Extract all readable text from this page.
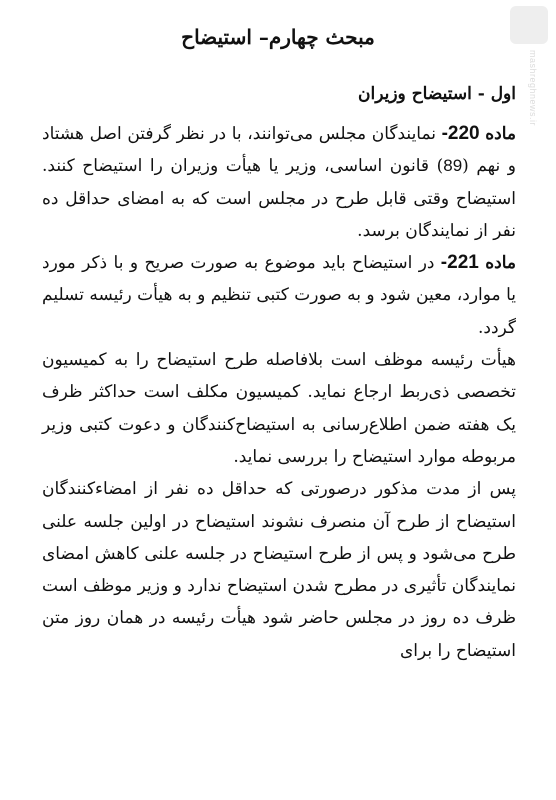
mashreghnews.ir
مبحث چهارم– استیضاح
اول - استیضاح وزیران

ماده 220- نمایندگان مجلس می‌توانند، با در نظر گرفتن اصل هشتاد و نهم (89) قانون اساسی، وزیر یا هیأت وزیران را استیضاح کنند. استیضاح وقتی قابل طرح در مجلس است که به امضای حداقل ده نفر از نمایندگان برسد.

ماده 221- در استیضاح باید موضوع به صورت صریح و با ذکر مورد یا موارد، معین شود و به صورت کتبی تنظیم و به هیأت رئیسه تسلیم گردد.

هیأت رئیسه موظف است بلافاصله طرح استیضاح را به کمیسیون تخصصی ذی‌ربط ارجاع نماید. کمیسیون مکلف است حداکثر ظرف یک هفته ضمن اطلاع‌رسانی به استیضاح‌کنندگان و دعوت کتبی وزیر مربوطه موارد استیضاح را بررسی نماید.

پس از مدت مذکور درصورتی که حداقل ده نفر از امضاءکنندگان استیضاح از طرح آن منصرف نشوند استیضاح در اولین جلسه علنی طرح می‌شود و پس از طرح استیضاح در جلسه علنی کاهش امضای نمایندگان تأثیری در مطرح شدن استیضاح ندارد و وزیر موظف است ظرف ده روز در مجلس حاضر شود هیأت رئیسه در همان روز متن استیضاح را برای
